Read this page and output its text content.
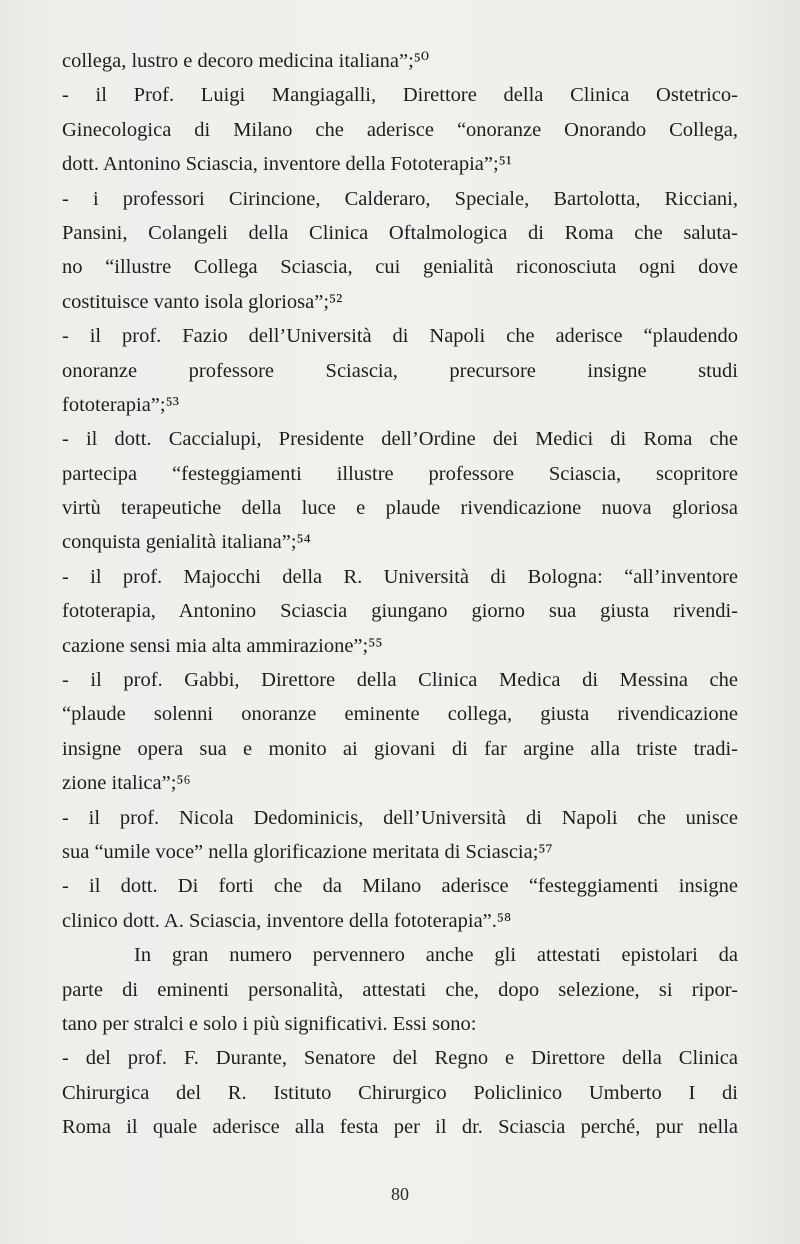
collega, lustro e decoro medicina italiana”;⁵⁰
- il Prof. Luigi Mangiagalli, Direttore della Clinica Ostetrico-
Ginecologica di Milano che aderisce “onoranze Onorando Collega,
dott. Antonino Sciascia, inventore della Fototerapia”;⁵¹
- i professori Cirincione, Calderaro, Speciale, Bartolotta, Ricciani,
Pansini, Colangeli della Clinica Oftalmologica di Roma che saluta-
no “illustre Collega Sciascia, cui genialità riconosciuta ogni dove
costituisce vanto isola gloriosa”;⁵²
- il prof. Fazio dell’Università di Napoli che aderisce “plaudendo
onoranze professore Sciascia, precursore insigne studi
fototerapia”;⁵³
- il dott. Caccialupi, Presidente dell’Ordine dei Medici di Roma che
partecipa “festeggiamenti illustre professore Sciascia, scopritore
virtù terapeutiche della luce e plaude rivendicazione nuova gloriosa
conquista genialità italiana”;⁵⁴
- il prof. Majocchi della R. Università di Bologna: “all’inventore
fototerapia, Antonino Sciascia giungano giorno sua giusta rivendi-
cazione sensi mia alta ammirazione”;⁵⁵
- il prof. Gabbi, Direttore della Clinica Medica di Messina che
“plaude solenni onoranze eminente collega, giusta rivendicazione
insigne opera sua e monito ai giovani di far argine alla triste tradi-
zione italica”;⁵⁶
- il prof. Nicola Dedominicis, dell’Università di Napoli che unisce
sua “umile voce” nella glorificazione meritata di Sciascia;⁵⁷
- il dott. Di forti che da Milano aderisce “festeggiamenti insigne
clinico dott. A. Sciascia, inventore della fototerapia”.⁵⁸
In gran numero pervennero anche gli attestati epistolari da
parte di eminenti personalità, attestati che, dopo selezione, si ripor-
tano per stralci e solo i più significativi. Essi sono:
- del prof. F. Durante, Senatore del Regno e Direttore della Clinica
Chirurgica del R. Istituto Chirurgico Policlinico Umberto I di
Roma il quale aderisce alla festa per il dr. Sciascia perché, pur nella
80
